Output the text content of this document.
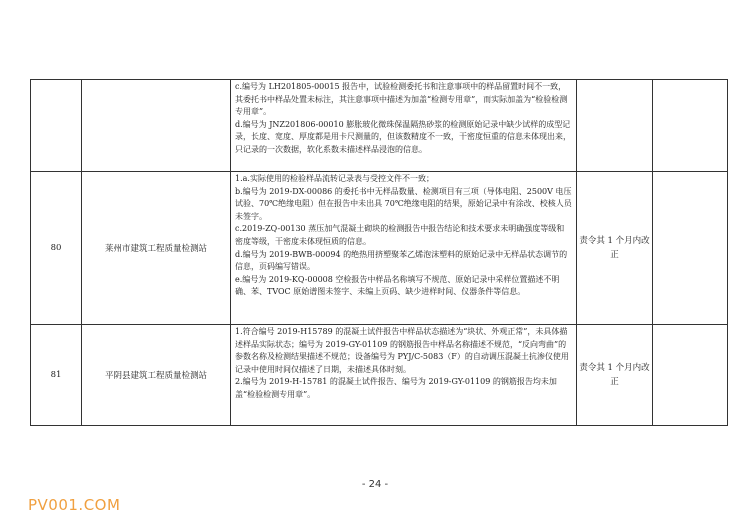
		c.编号为 LH201805-00015 报告中，试验检测委托书和注意事项中的样品留置时间不一致，其委托书中样品处置未标注，其注意事项中描述为加盖“检测专用章”，而实际加盖为“检验检测专用章”。
d.编号为 JNZ201806-00010 膨胀玻化微珠保温隔热砂浆的检测原始记录中缺少试样的成型记录，长度、宽度、厚度都是用卡尺测量的，但该数精度不一致，干密度恒重的信息未体现出来，只记录的一次数据，软化系数未描述样品浸泡的信息。		

80	莱州市建筑工程质量检测站	1.a.实际使用的检验样品流转记录表与受控文件不一致；
b.编号为 2019-DX-00086 的委托书中无样品数量、检测项目有三项（导体电阻、2500V 电压试验、70℃绝缘电阻）但在报告中未出具 70℃绝缘电阻的结果，原始记录中有涂改、校核人员未签字。
c.2019-ZQ-00130 蒸压加气混凝土砌块的检测报告中报告结论和技术要求未明确强度等级和密度等级，干密度未体现恒质的信息。
d.编号为 2019-BWB-00094 的绝热用挤塑聚苯乙烯泡沫塑料的原始记录中无样品状态调节的信息，页码编写错误。
e.编号为 2019-KQ-00008 空检报告中样品名称填写不规范、原始记录中采样位置描述不明确、苯、TVOC 原始谱图未签字、未编上页码、缺少进样时间、仪器条件等信息。	责令其 1 个月内改正	
81	平阴县建筑工程质量检测站	1.符合编号 2019-H15789 的混凝土试件报告中样品状态描述为“块状、外观正常”，未具体描述样品实际状态；编号为 2019-GY-01109 的钢筋报告中样品名称描述不规范，“反向弯曲”的参数名称及检测结果描述不规范；设备编号为 PYJ/C-5083（F）的自动调压混凝土抗渗仪使用记录中使用时间仅描述了日期，未描述具体时刻。
2.编号为 2019-H-15781 的混凝土试件报告、编号为 2019-GY-01109 的钢筋报告均未加盖“检验检测专用章”。	责令其 1 个月内改正	
- 24 -
PV001.COM
